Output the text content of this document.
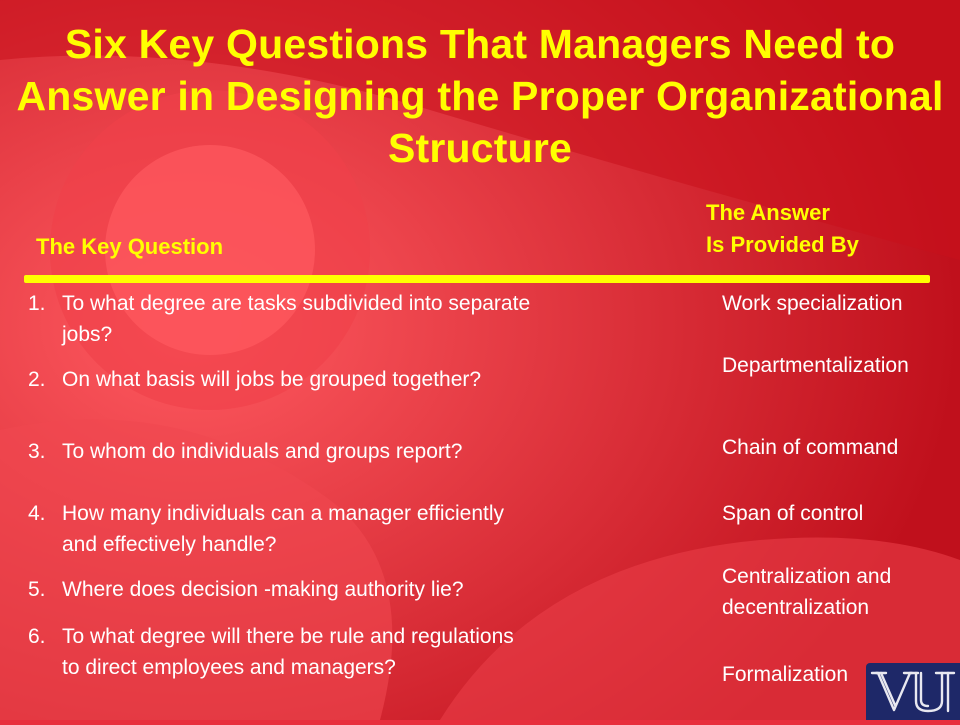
Six Key Questions That Managers Need to Answer in Designing the Proper Organizational Structure
The Key Question
The Answer
Is Provided By
1. To what degree are tasks subdivided into separate jobs?
2. On what basis will jobs be grouped together?
3. To whom do individuals and groups report?
4. How many individuals can a manager efficiently and effectively handle?
5. Where does decision -making authority lie?
6. To what degree will there be rule and regulations to direct employees and managers?
Work specialization
Departmentalization
Chain of command
Span of control
Centralization and
decentralization
Formalization
